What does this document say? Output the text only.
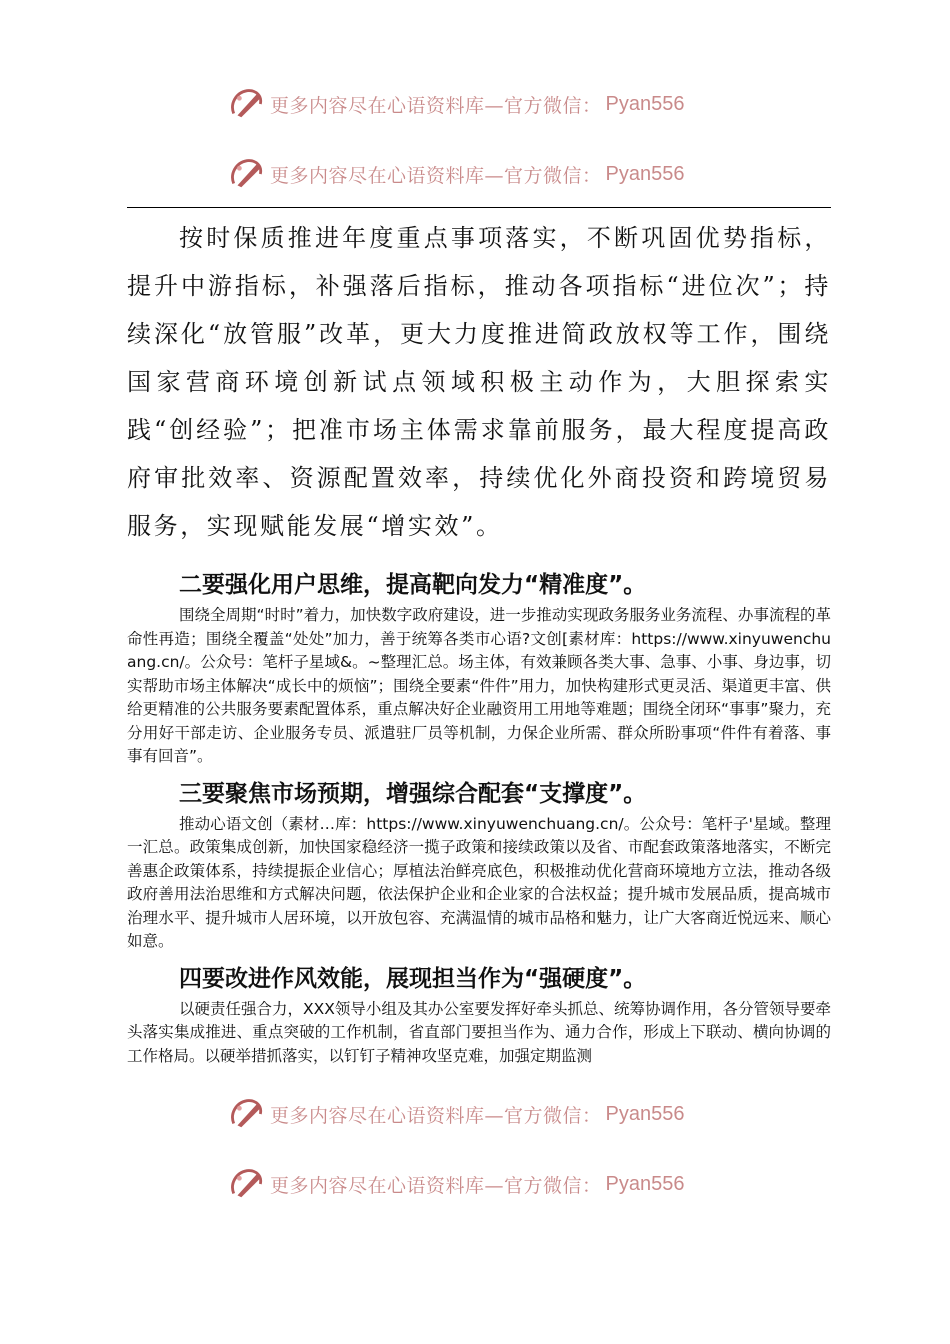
更多内容尽在心语资料库—官方微信： Pyan556
更多内容尽在心语资料库—官方微信： Pyan556

按时保质推进年度重点事项落实，不断巩固优势指标，提升中游指标，补强落后指标，推动各项指标“进位次”；持续深化“放管服”改革，更大力度推进简政放权等工作，围绕国家营商环境创新试点领域积极主动作为，大胆探索实践“创经验”；把准市场主体需求靠前服务，最大程度提高政府审批效率、资源配置效率，持续优化外商投资和跨境贸易服务，实现赋能发展“增实效”。

二要强化用户思维，提高靶向发力“精准度”。

围绕全周期“时时”着力，加快数字政府建设，进一步推动实现政务服务业务流程、办事流程的革命性再造；围绕全覆盖“处处”加力，善于统筹各类市心语?文创[素材库：https://www.xinyuwenchuang.cn/。公众号：笔杆子星域&。~整理汇总。场主体，有效兼顾各类大事、急事、小事、身边事，切实帮助市场主体解决“成长中的烦恼”；围绕全要素“件件”用力，加快构建形式更灵活、渠道更丰富、供给更精准的公共服务要素配置体系，重点解决好企业融资用工用地等难题；围绕全闭环“事事”聚力，充分用好干部走访、企业服务专员、派遣驻厂员等机制，力保企业所需、群众所盼事项“件件有着落、事事有回音”。

三要聚焦市场预期，增强综合配套“支撑度”。

推动心语文创（素材…库：https://www.xinyuwenchuang.cn/。公众号：笔杆子'星域。整理一汇总。政策集成创新，加快国家稳经济一揽子政策和接续政策以及省、市配套政策落地落实，不断完善惠企政策体系，持续提振企业信心；厚植法治鲜亮底色，积极推动优化营商环境地方立法，推动各级政府善用法治思维和方式解决问题，依法保护企业和企业家的合法权益；提升城市发展品质，提高城市治理水平、提升城市人居环境，以开放包容、充满温情的城市品格和魅力，让广大客商近悦远来、顺心如意。

四要改进作风效能，展现担当作为“强硬度”。

以硬责任强合力，XXX领导小组及其办公室要发挥好牵头抓总、统筹协调作用，各分管领导要牵头落实集成推进、重点突破的工作机制，省直部门要担当作为、通力合作，形成上下联动、横向协调的工作格局。以硬举措抓落实，以钉钉子精神攻坚克难，加强定期监测

更多内容尽在心语资料库—官方微信： Pyan556
更多内容尽在心语资料库—官方微信： Pyan556
